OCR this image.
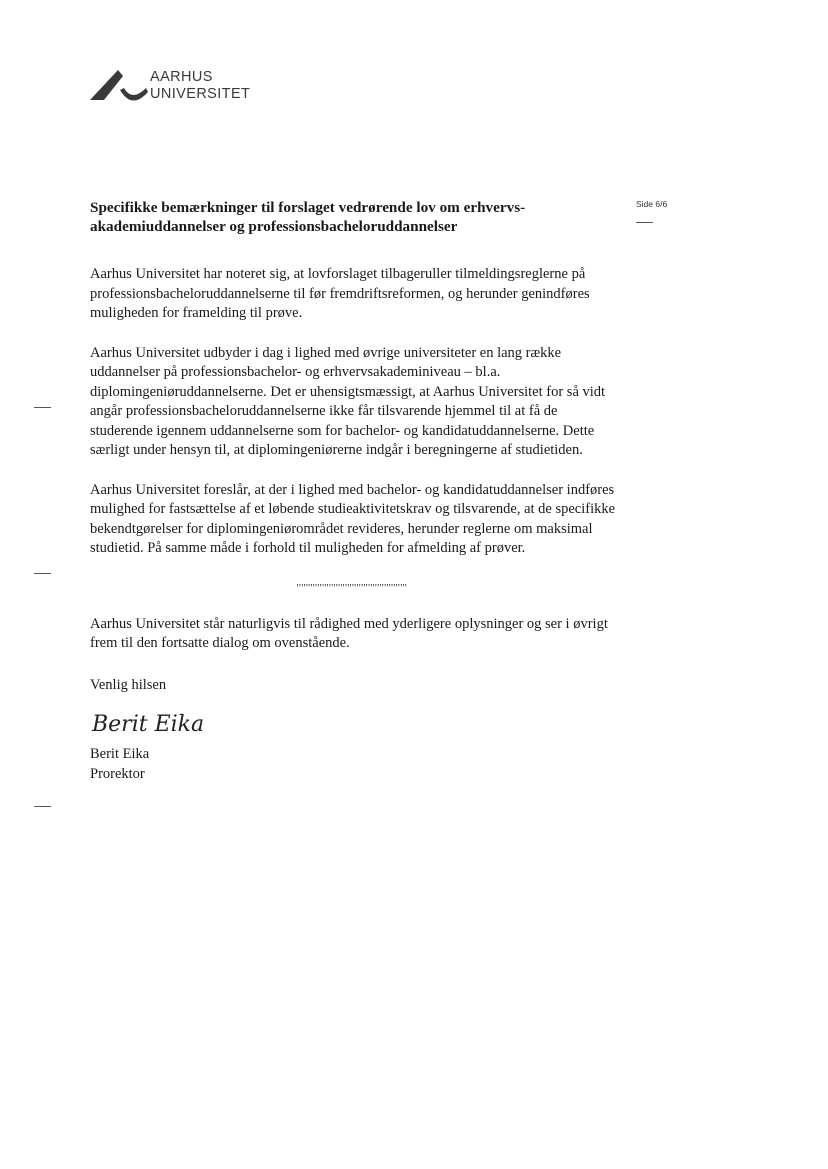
AARHUS
UNIVERSITET
Side 6/6
Specifikke bemærkninger til forslaget vedrørende lov om erhvervs-akademiuddannelser og professionsbacheloruddannelser

Aarhus Universitet har noteret sig, at lovforslaget tilbageruller tilmeldingsreglerne på professionsbacheloruddannelserne til før fremdriftsreformen, og herunder genindføres muligheden for framelding til prøve.

Aarhus Universitet udbyder i dag i lighed med øvrige universiteter en lang række uddannelser på professionsbachelor- og erhvervsakademiniveau – bl.a. diplomingeniøruddannelserne. Det er uhensigtsmæssigt, at Aarhus Universitet for så vidt angår professionsbacheloruddannelserne ikke får tilsvarende hjemmel til at få de studerende igennem uddannelserne som for bachelor- og kandidatuddannelserne. Dette særligt under hensyn til, at diplomingeniørerne indgår i beregningerne af studietiden.

Aarhus Universitet foreslår, at der i lighed med bachelor- og kandidatuddannelser indføres mulighed for fastsættelse af et løbende studieaktivitetskrav og tilsvarende, at de specifikke bekendtgørelser for diplomingeniørområdet revideres, herunder reglerne om maksimal studietid. På samme måde i forhold til muligheden for afmelding af prøver.

''''''''''''''''''''''''''''''''''''''''''''''''

Aarhus Universitet står naturligvis til rådighed med yderligere oplysninger og ser i øvrigt frem til den fortsatte dialog om ovenstående.

Venlig hilsen

Berit Eika

Berit Eika

Prorektor
